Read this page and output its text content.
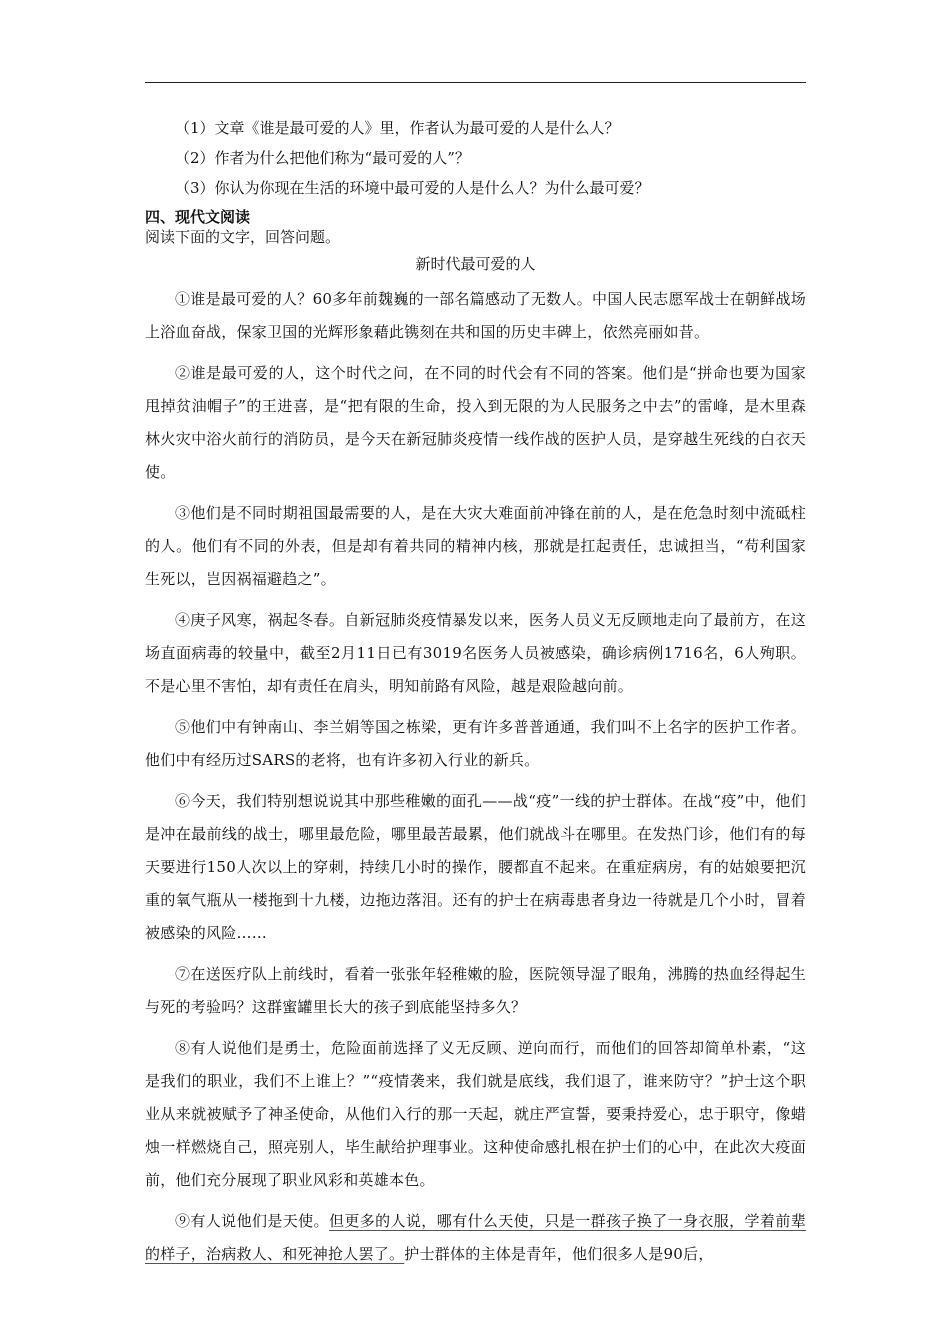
（1）文章《谁是最可爱的人》里，作者认为最可爱的人是什么人？

（2）作者为什么把他们称为“最可爱的人”？

（3）你认为你现在生活的环境中最可爱的人是什么人？为什么最可爱？

四、现代文阅读
阅读下面的文字，回答问题。
新时代最可爱的人

①谁是最可爱的人？60多年前魏巍的一部名篇感动了无数人。中国人民志愿军战士在朝鲜战场上浴血奋战，保家卫国的光辉形象藉此镌刻在共和国的历史丰碑上，依然亮丽如昔。

②谁是最可爱的人，这个时代之问，在不同的时代会有不同的答案。他们是“拼命也要为国家甩掉贫油帽子”的王进喜，是“把有限的生命，投入到无限的为人民服务之中去”的雷峰，是木里森林火灾中浴火前行的消防员，是今天在新冠肺炎疫情一线作战的医护人员，是穿越生死线的白衣天使。

③他们是不同时期祖国最需要的人，是在大灾大难面前冲锋在前的人，是在危急时刻中流砥柱的人。他们有不同的外表，但是却有着共同的精神内核，那就是扛起责任，忠诚担当，“苟利国家生死以，岂因祸福避趋之”。

④庚子风寒，祸起冬春。自新冠肺炎疫情暴发以来，医务人员义无反顾地走向了最前方，在这场直面病毒的较量中，截至2月11日已有3019名医务人员被感染，确诊病例1716名，6人殉职。不是心里不害怕，却有责任在肩头，明知前路有风险，越是艰险越向前。

⑤他们中有钟南山、李兰娟等国之栋梁，更有许多普普通通，我们叫不上名字的医护工作者。他们中有经历过SARS的老将，也有许多初入行业的新兵。

⑥今天，我们特别想说说其中那些稚嫩的面孔——战“疫”一线的护士群体。在战“疫”中，他们是冲在最前线的战士，哪里最危险，哪里最苦最累，他们就战斗在哪里。在发热门诊，他们有的每天要进行150人次以上的穿刺，持续几小时的操作，腰都直不起来。在重症病房，有的姑娘要把沉重的氧气瓶从一楼拖到十九楼，边拖边落泪。还有的护士在病毒患者身边一待就是几个小时，冒着被感染的风险……

⑦在送医疗队上前线时，看着一张张年轻稚嫩的脸，医院领导湿了眼角，沸腾的热血经得起生与死的考验吗？这群蜜罐里长大的孩子到底能坚持多久？

⑧有人说他们是勇士，危险面前选择了义无反顾、逆向而行，而他们的回答却简单朴素，“这是我们的职业，我们不上谁上？”“疫情袭来，我们就是底线，我们退了，谁来防守？”护士这个职业从来就被赋予了神圣使命，从他们入行的那一天起，就庄严宣誓，要秉持爱心，忠于职守，像蜡烛一样燃烧自己，照亮别人，毕生献给护理事业。这种使命感扎根在护士们的心中，在此次大疫面前，他们充分展现了职业风彩和英雄本色。

⑨有人说他们是天使。但更多的人说，哪有什么天使，只是一群孩子换了一身衣服，学着前辈的样子，治病救人、和死神抢人罢了。护士群体的主体是青年，他们很多人是90后，
